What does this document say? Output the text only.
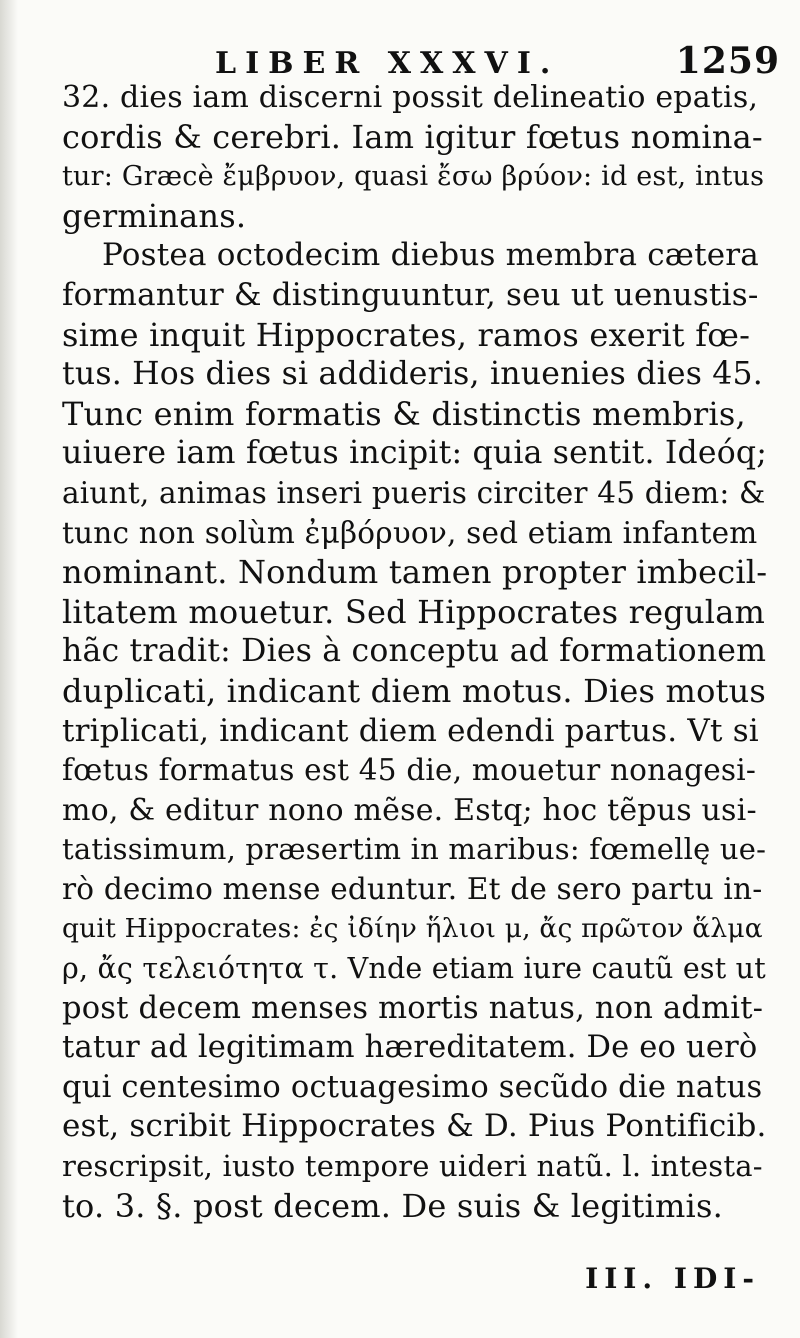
LIBER XXXVI.	1259
32. dies iam discerni possit delineatio epatis,
cordis & cerebri. Iam igitur fœtus nomina-
tur: Græcè ἔμβρυον, quasi ἔσω βρύον: id est, intus
germinans.
Postea octodecim diebus membra cætera
formantur & distinguuntur, seu ut uenustis-
sime inquit Hippocrates, ramos exerit fœ-
tus. Hos dies si addideris, inuenies dies 45.
Tunc enim formatis & distinctis membris,
uiuere iam fœtus incipit: quia sentit. Ideóq;
aiunt, animas inseri pueris circiter 45 diem: &
tunc non solùm ἐμβόρυον, sed etiam infantem
nominant. Nondum tamen propter imbecil-
litatem mouetur. Sed Hippocrates regulam
hãc tradit: Dies à conceptu ad formationem
duplicati, indicant diem motus. Dies motus
triplicati, indicant diem edendi partus. Vt si
fœtus formatus est 45 die, mouetur nonagesi-
mo, & editur nono mẽse. Estq; hoc tẽpus usi-
tatissimum, præsertim in maribus: fœmellę ue-
rò decimo mense eduntur. Et de sero partu in-
quit Hippocrates: ἐς ἰδίην ἥλιοι μ, ἄς πρῶτον ἅλμα
ρ, ἄς τελειότητα τ. Vnde etiam iure cautũ est ut
post decem menses mortis natus, non admit-
tatur ad legitimam hæreditatem. De eo uerò
qui centesimo octuagesimo secũdo die natus
est, scribit Hippocrates & D. Pius Pontificib.
rescripsit, iusto tempore uideri natũ. l. intesta-
to. 3. §. post decem. De suis & legitimis.
III. IDI-
